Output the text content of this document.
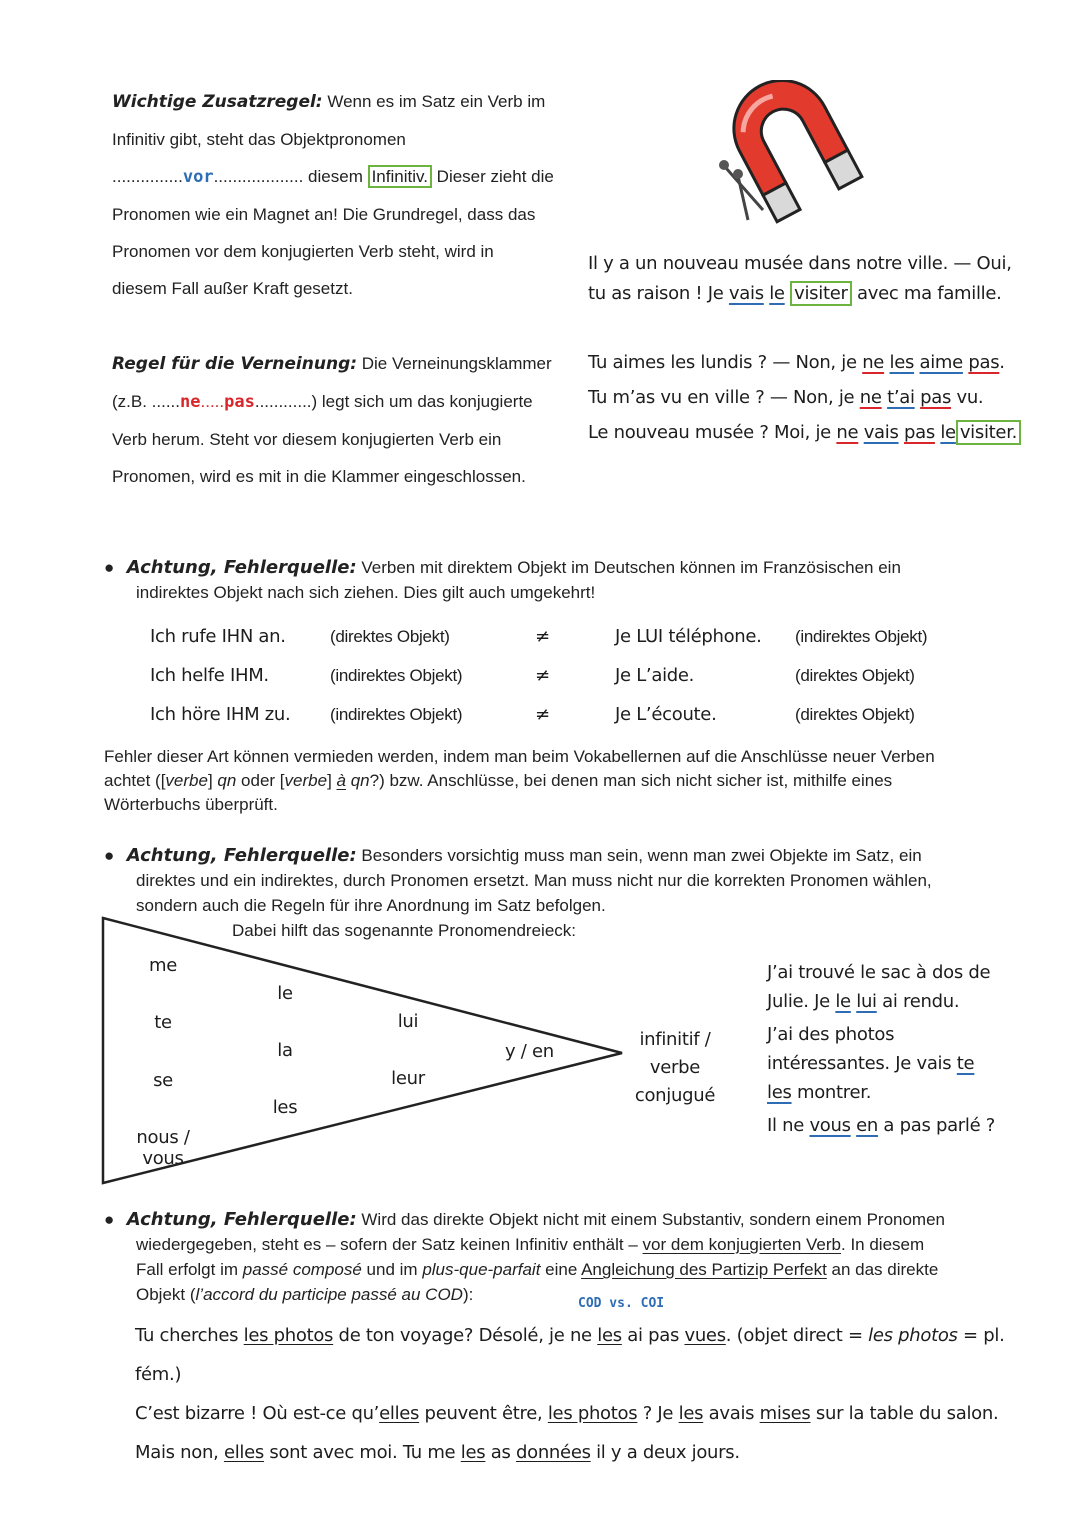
Wichtige Zusatzregel: Wenn es im Satz ein Verb im
Infinitiv gibt, steht das Objektpronomen
...............vor................... diesem Infinitiv. Dieser zieht die
Pronomen wie ein Magnet an! Die Grundregel, dass das
Pronomen vor dem konjugierten Verb steht, wird in
diesem Fall außer Kraft gesetzt.
Il y a un nouveau musée dans notre ville. — Oui,
tu as raison ! Je vais le visiter avec ma famille.
Regel für die Verneinung: Die Verneinungsklammer
(z.B. ......ne.....pas............) legt sich um das konjugierte
Verb herum. Steht vor diesem konjugierten Verb ein
Pronomen, wird es mit in die Klammer eingeschlossen.
Tu aimes les lundis ? — Non, je ne les aime pas.
Tu m’as vu en ville ? — Non, je ne t’ai pas vu.
Le nouveau musée ? Moi, je ne vais pas le visiter.
● Achtung, Fehlerquelle: Verben mit direktem Objekt im Deutschen können im Französischen ein
indirektes Objekt nach sich ziehen. Dies gilt auch umgekehrt!
Ich rufe IHN an.	(direktes Objekt)	≠	Je LUI téléphone.	(indirektes Objekt)
Ich helfe IHM.	(indirektes Objekt)	≠	Je L’aide.	(direktes Objekt)
Ich höre IHM zu.	(indirektes Objekt)	≠	Je L’écoute.	(direktes Objekt)
Fehler dieser Art können vermieden werden, indem man beim Vokabellernen auf die Anschlüsse neuer Verben
achtet ([verbe] qn oder [verbe] à qn?) bzw. Anschlüsse, bei denen man sich nicht sicher ist, mithilfe eines
Wörterbuchs überprüft.
● Achtung, Fehlerquelle: Besonders vorsichtig muss man sein, wenn man zwei Objekte im Satz, ein
direktes und ein indirektes, durch Pronomen ersetzt. Man muss nicht nur die korrekten Pronomen wählen,
sondern auch die Regeln für ihre Anordnung im Satz befolgen.
Dabei hilft das sogenannte Pronomendreieck:
me
te
se
nous / vous
le
la
les
lui
leur
y / en
infinitif /
verbe conjugué
J’ai trouvé le sac à dos de
Julie. Je le lui ai rendu.
J’ai des photos
intéressantes. Je vais te
les montrer.
Il ne vous en a pas parlé ?
● Achtung, Fehlerquelle: Wird das direkte Objekt nicht mit einem Substantiv, sondern einem Pronomen
wiedergegeben, steht es – sofern der Satz keinen Infinitiv enthält – vor dem konjugierten Verb. In diesem
Fall erfolgt im passé composé und im plus-que-parfait eine Angleichung des Partizip Perfekt an das direkte
Objekt (l’accord du participe passé au COD):	COD vs. COI
Tu cherches les photos de ton voyage? Désolé, je ne les ai pas vues. (objet direct = les photos = pl. fém.)
C’est bizarre ! Où est-ce qu’elles peuvent être, les photos ? Je les avais mises sur la table du salon.
Mais non, elles sont avec moi. Tu me les as données il y a deux jours.
